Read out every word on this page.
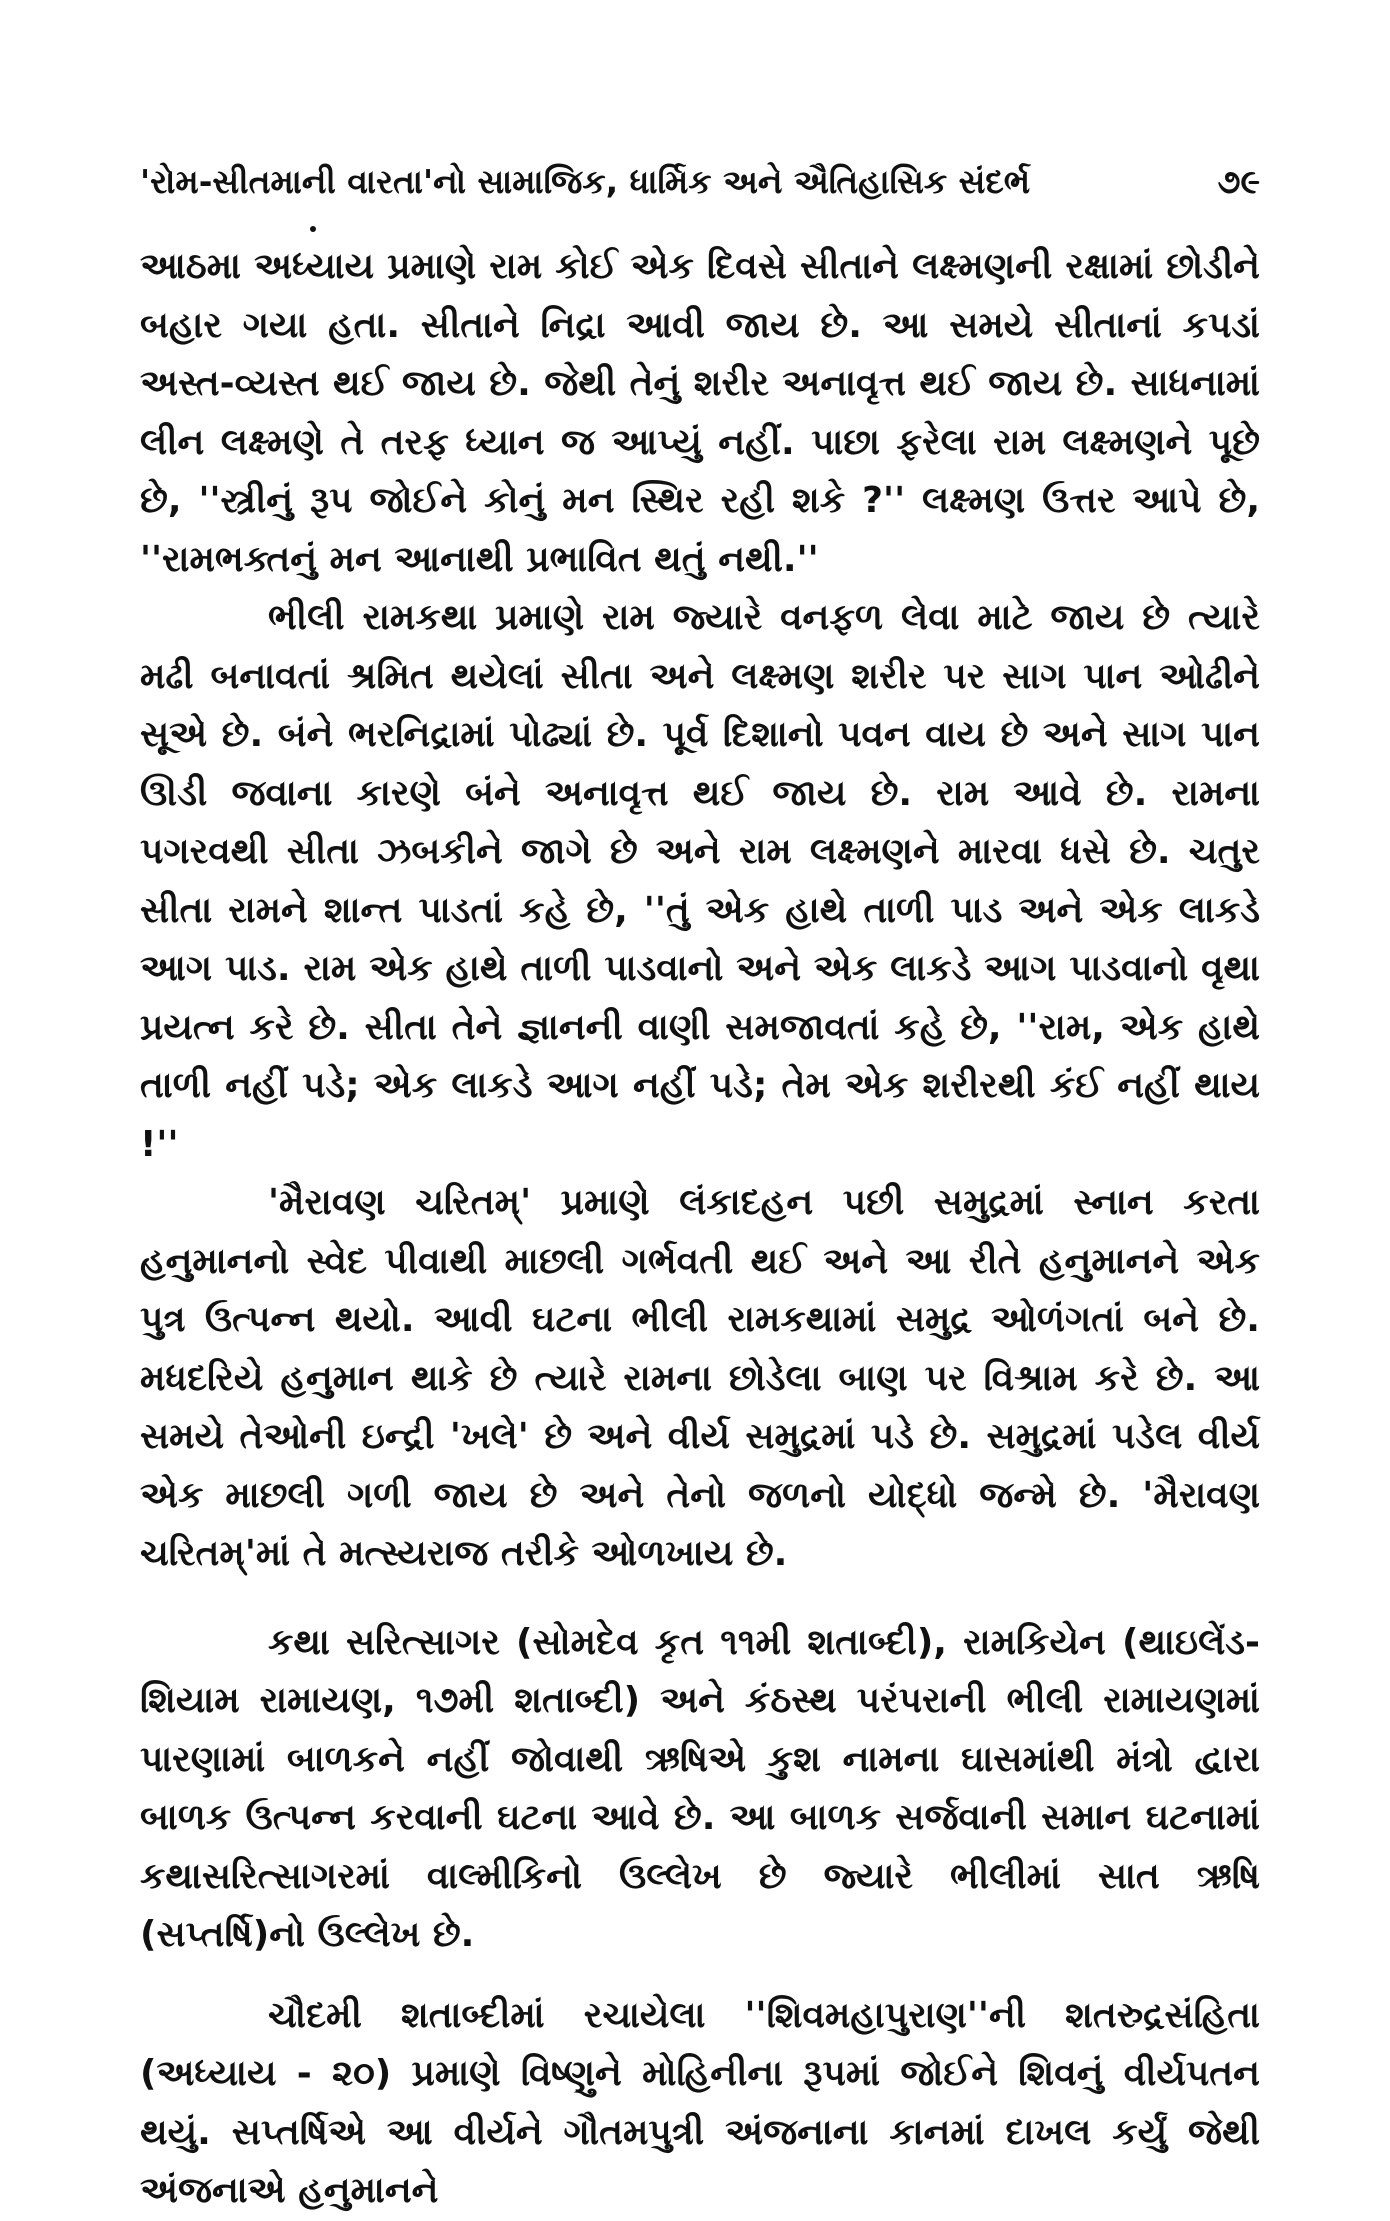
'રોમ-સીતમાની વારતા'નો સામાજિક, ધાર્મિક અને ઐતિહાસિક સંદર્ભ	૭૯

આઠમા અધ્યાય પ્રમાણે રામ કોઈ એક દિવસે સીતાને લક્ષ્મણની રક્ષામાં છોડીને બહાર ગયા હતા. સીતાને નિદ્રા આવી જાય છે. આ સમયે સીતાનાં કપડાં અસ્ત-વ્યસ્ત થઈ જાય છે. જેથી તેનું શરીર અનાવૃત્ત થઈ જાય છે. સાધનામાં લીન લક્ષ્મણે તે તરફ ધ્યાન જ આપ્યું નહીં. પાછા ફરેલા રામ લક્ષ્મણને પૂછે છે, ''સ્ત્રીનું રૂપ જોઈને કોનું મન સ્થિર રહી શકે ?'' લક્ષ્મણ ઉત્તર આપે છે, ''રામભક્તનું મન આનાથી પ્રભાવિત થતું નથી.''

ભીલી રામકથા પ્રમાણે રામ જ્યારે વનફળ લેવા માટે જાય છે ત્યારે મઢી બનાવતાં શ્રમિત થયેલાં સીતા અને લક્ષ્મણ શરીર પર સાગ પાન ઓઢીને સૂએ છે. બંને ભરનિદ્રામાં પોઢ્યાં છે. પૂર્વ દિશાનો પવન વાય છે અને સાગ પાન ઊડી જવાના કારણે બંને અનાવૃત્ત થઈ જાય છે. રામ આવે છે. રામના પગરવથી સીતા ઝબકીને જાગે છે અને રામ લક્ષ્મણને મારવા ધસે છે. ચતુર સીતા રામને શાન્ત પાડતાં કહે છે, ''તું એક હાથે તાળી પાડ અને એક લાકડે આગ પાડ. રામ એક હાથે તાળી પાડવાનો અને એક લાકડે આગ પાડવાનો વૃથા પ્રયત્ન કરે છે. સીતા તેને જ્ઞાનની વાણી સમજાવતાં કહે છે, ''રામ, એક હાથે તાળી નહીં પડે; એક લાકડે આગ નહીં પડે; તેમ એક શરીરથી કંઈ નહીં થાય !''

'મૈરાવણ ચરિતમ્' પ્રમાણે લંકાદહન પછી સમુદ્રમાં સ્નાન કરતા હનુમાનનો સ્વેદ પીવાથી માછલી ગર્ભવતી થઈ અને આ રીતે હનુમાનને એક પુત્ર ઉત્પન્ન થયો. આવી ઘટના ભીલી રામકથામાં સમુદ્ર ઓળંગતાં બને છે. મધદરિયે હનુમાન થાકે છે ત્યારે રામના છોડેલા બાણ પર વિશ્રામ કરે છે. આ સમયે તેઓની ઇન્દ્રી 'ખલે' છે અને વીર્ય સમુદ્રમાં પડે છે. સમુદ્રમાં પડેલ વીર્ય એક માછલી ગળી જાય છે અને તેનો જળનો યોદ્ધો જન્મે છે. 'મૈરાવણ ચરિતમ્'માં તે મત્સ્યરાજ તરીકે ઓળખાય છે.

કથા સરિત્સાગર (સોમદેવ કૃત ૧૧મી શતાબ્દી), રામકિયેન (થાઇલેંડ-શિયામ રામાયણ, ૧૭મી શતાબ્દી) અને કંઠસ્થ પરંપરાની ભીલી રામાયણમાં પારણામાં બાળકને નહીં જોવાથી ઋષિએ કુશ નામના ઘાસમાંથી મંત્રો દ્વારા બાળક ઉત્પન્ન કરવાની ઘટના આવે છે. આ બાળક સર્જવાની સમાન ઘટનામાં કથાસરિત્સાગરમાં વાલ્મીકિનો ઉલ્લેખ છે જ્યારે ભીલીમાં સાત ઋષિ (સપ્તર્ષિ)નો ઉલ્લેખ છે.

ચૌદમી શતાબ્દીમાં રચાયેલા ''શિવમહાપુરાણ''ની શતરુદ્રસંહિતા (અધ્યાય - ૨૦) પ્રમાણે વિષ્ણુને મોહિનીના રૂપમાં જોઈને શિવનું વીર્યપતન થયું. સપ્તર્ષિએ આ વીર્યને ગૌતમપુત્રી અંજનાના કાનમાં દાખલ કર્યું જેથી અંજનાએ હનુમાનને
